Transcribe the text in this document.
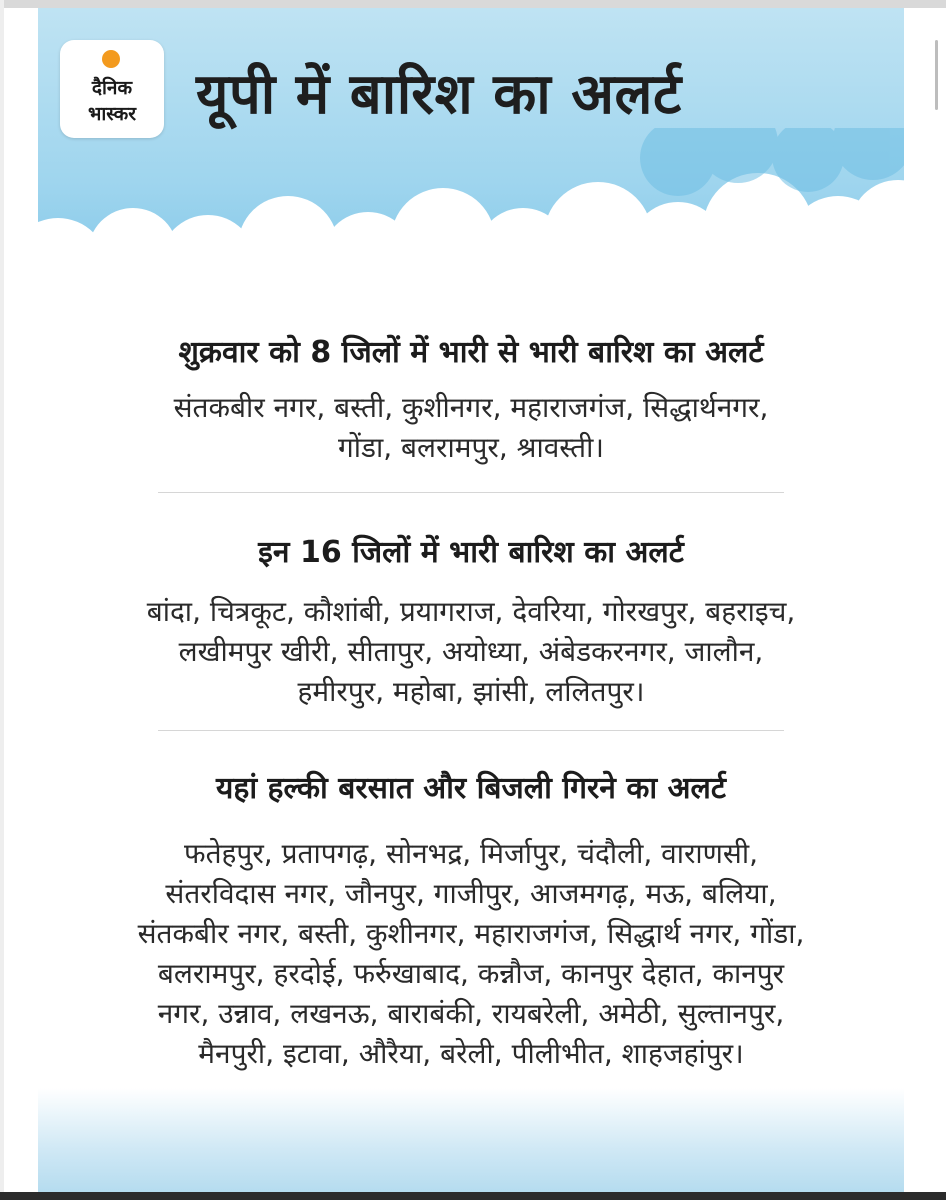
दैनिक
भास्कर	यूपी में बारिश का अलर्ट
शुक्रवार को 8 जिलों में भारी से भारी बारिश का अलर्ट
संतकबीर नगर, बस्ती, कुशीनगर, महाराजगंज, सिद्धार्थनगर,
गोंडा, बलरामपुर, श्रावस्ती।
इन 16 जिलों में भारी बारिश का अलर्ट
बांदा, चित्रकूट, कौशांबी, प्रयागराज, देवरिया, गोरखपुर, बहराइच,
लखीमपुर खीरी, सीतापुर, अयोध्या, अंबेडकरनगर, जालौन,
हमीरपुर, महोबा, झांसी, ललितपुर।
यहां हल्की बरसात और बिजली गिरने का अलर्ट
फतेहपुर, प्रतापगढ़, सोनभद्र, मिर्जापुर, चंदौली, वाराणसी,
संतरविदास नगर, जौनपुर, गाजीपुर, आजमगढ़, मऊ, बलिया,
संतकबीर नगर, बस्ती, कुशीनगर, महाराजगंज, सिद्धार्थ नगर, गोंडा,
बलरामपुर, हरदोई, फर्रुखाबाद, कन्नौज, कानपुर देहात, कानपुर
नगर, उन्नाव, लखनऊ, बाराबंकी, रायबरेली, अमेठी, सुल्तानपुर,
मैनपुरी, इटावा, औरैया, बरेली, पीलीभीत, शाहजहांपुर।
